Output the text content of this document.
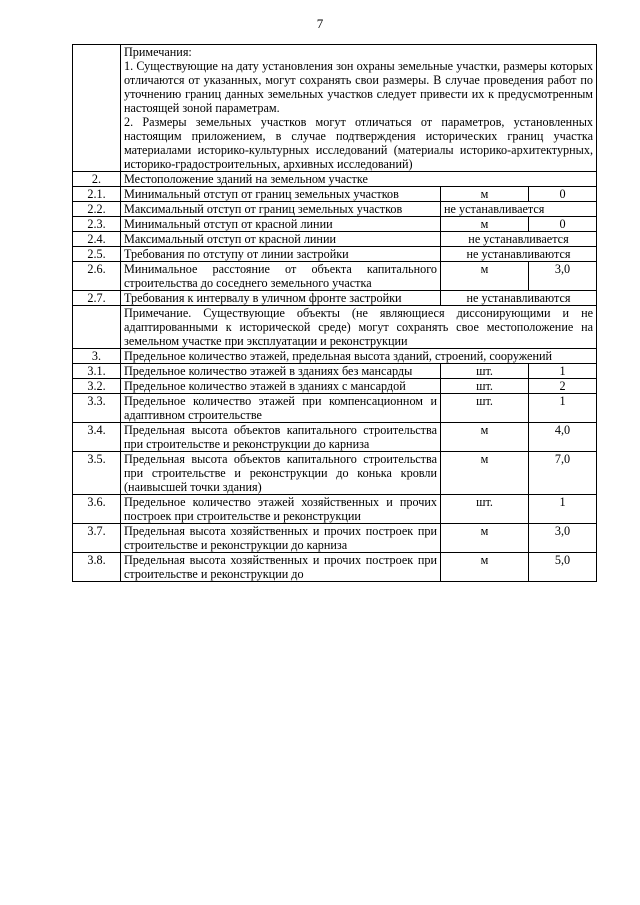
7

	Примечания:
1. Существующие на дату установления зон охраны земельные участки, размеры которых отличаются от указанных, могут сохранять свои размеры. В случае проведения работ по уточнению границ данных земельных участков следует привести их к предусмотренным настоящей зоной параметрам.
2. Размеры земельных участков могут отличаться от параметров, установленных настоящим приложением, в случае подтверждения исторических границ участка материалами историко-культурных исследований (материалы историко-архитектурных, историко-градостроительных, архивных исследований)		

2.	Местоположение зданий на земельном участке		
2.1.	Минимальный отступ от границ земельных участков	м	0
2.2.	Максимальный отступ от границ земельных участков	не устанавливается	
2.3.	Минимальный отступ от красной линии	м	0
2.4.	Максимальный отступ от красной линии	не устанавливается	
2.5.	Требования по отступу от линии застройки	не устанавливаются	
2.6.	Минимальное расстояние от объекта капитального строительства до соседнего земельного участка	м	3,0
2.7.	Требования к интервалу в уличном фронте застройки	не устанавливаются	
	Примечание. Существующие объекты (не являющиеся диссонирующими и не адаптированными к исторической среде) могут сохранять свое местоположение на земельном участке при эксплуатации и реконструкции		
3.	Предельное количество этажей, предельная высота зданий, строений, сооружений		
3.1.	Предельное количество этажей в зданиях без мансарды	шт.	1
3.2.	Предельное количество этажей в зданиях с мансардой	шт.	2
3.3.	Предельное количество этажей при компенсационном и адаптивном строительстве	шт.	1
3.4.	Предельная высота объектов капитального строительства при строительстве и реконструкции до карниза	м	4,0
3.5.	Предельная высота объектов капитального строительства при строительстве и реконструкции до конька кровли (наивысшей точки здания)	м	7,0
3.6.	Предельное количество этажей хозяйственных и прочих построек при строительстве и реконструкции	шт.	1
3.7.	Предельная высота хозяйственных и прочих построек при строительстве и реконструкции до карниза	м	3,0
3.8.	Предельная высота хозяйственных и прочих построек при строительстве и реконструкции до	м	5,0
